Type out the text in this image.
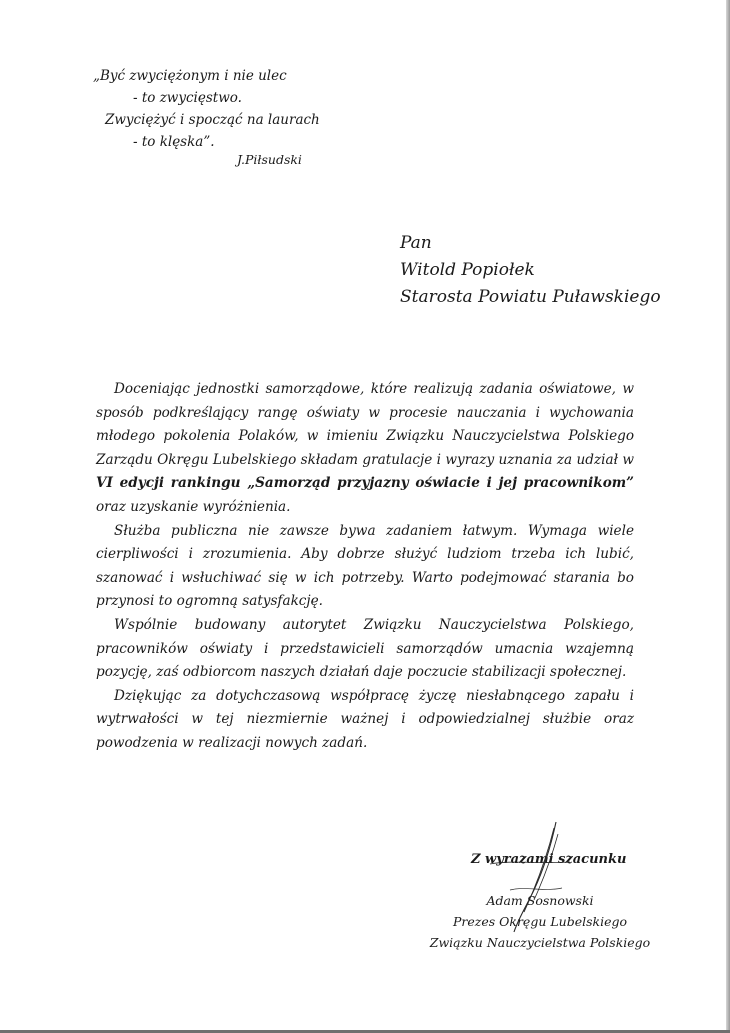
„Być zwyciężonym i nie ulec
- to zwycięstwo.
Zwyciężyć i spocząć na laurach
- to klęska”.
J.Piłsudski
Pan
Witold Popiołek
Starosta Powiatu Puławskiego

Doceniając jednostki samorządowe, które realizują zadania oświatowe, w sposób podkreślający rangę oświaty w procesie nauczania i wychowania młodego pokolenia Polaków, w imieniu Związku Nauczycielstwa Polskiego Zarządu Okręgu Lubelskiego składam gratulacje i wyrazy uznania za udział w VI edycji rankingu „Samorząd przyjazny oświacie i jej pracownikom” oraz uzyskanie wyróżnienia.

Służba publiczna nie zawsze bywa zadaniem łatwym. Wymaga wiele cierpliwości i zrozumienia. Aby dobrze służyć ludziom trzeba ich lubić, szanować i wsłuchiwać się w ich potrzeby. Warto podejmować starania bo przynosi to ogromną satysfakcję.

Wspólnie budowany autorytet Związku Nauczycielstwa Polskiego, pracowników oświaty i przedstawicieli samorządów umacnia wzajemną pozycję, zaś odbiorcom naszych działań daje poczucie stabilizacji społecznej.

Dziękując za dotychczasową współpracę życzę niesłabnącego zapału i wytrwałości w tej niezmiernie ważnej i odpowiedzialnej służbie oraz powodzenia w realizacji nowych zadań.

Z wyrazami szacunku
Adam Sosnowski
Prezes Okręgu Lubelskiego
Związku Nauczycielstwa Polskiego
